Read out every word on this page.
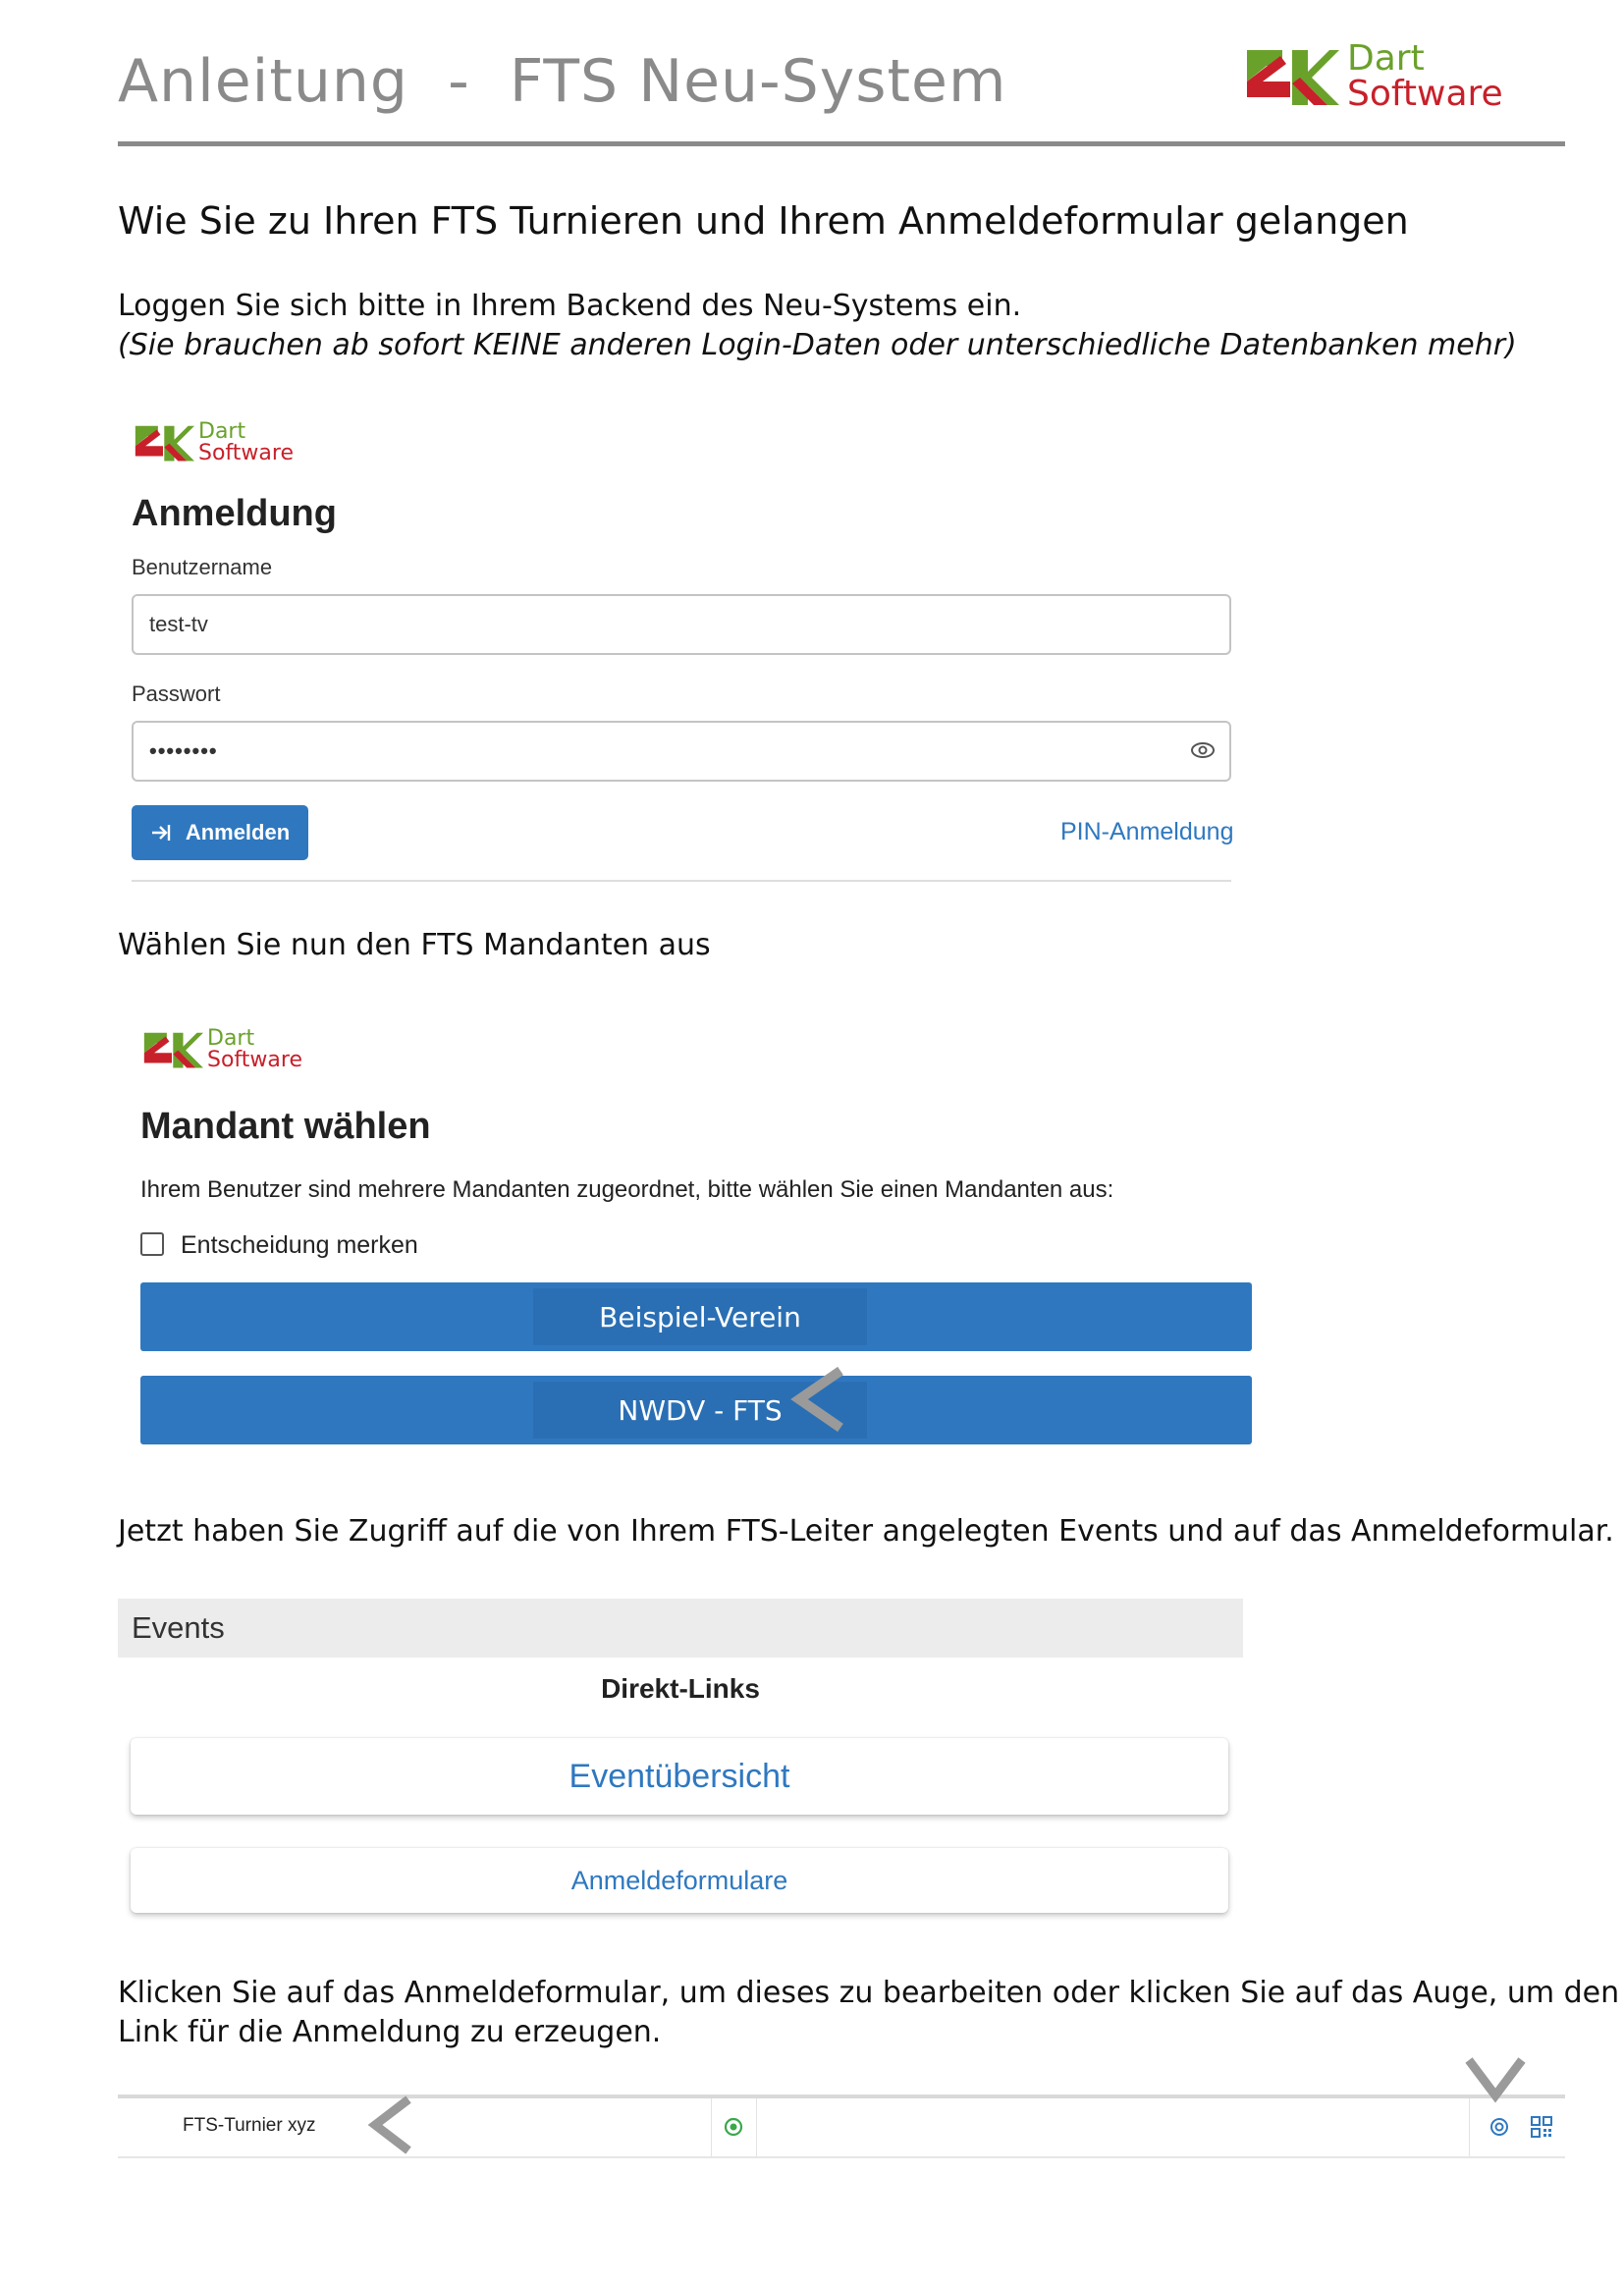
Anleitung  -  FTS Neu-System	Dart
Software
Wie Sie zu Ihren FTS Turnieren und Ihrem Anmeldeformular gelangen
Loggen Sie sich bitte in Ihrem Backend des Neu-Systems ein.
(Sie brauchen ab sofort KEINE anderen Login-Daten oder unterschiedliche Datenbanken mehr)
Dart
Software
Anmeldung
Benutzername
test-tv
Passwort
••••••••
Anmelden	PIN-Anmeldung
Wählen Sie nun den FTS Mandanten aus
Dart
Software
Mandant wählen
Ihrem Benutzer sind mehrere Mandanten zugeordnet, bitte wählen Sie einen Mandanten aus:
Entscheidung merken
Beispiel-Verein
NWDV - FTS
Jetzt haben Sie Zugriff auf die von Ihrem FTS-Leiter angelegten Events und auf das Anmeldeformular.
Events
Direkt-Links
Eventübersicht
Anmeldeformulare
Klicken Sie auf das Anmeldeformular, um dieses zu bearbeiten oder klicken Sie auf das Auge, um den
Link für die Anmeldung zu erzeugen.
FTS-Turnier xyz
